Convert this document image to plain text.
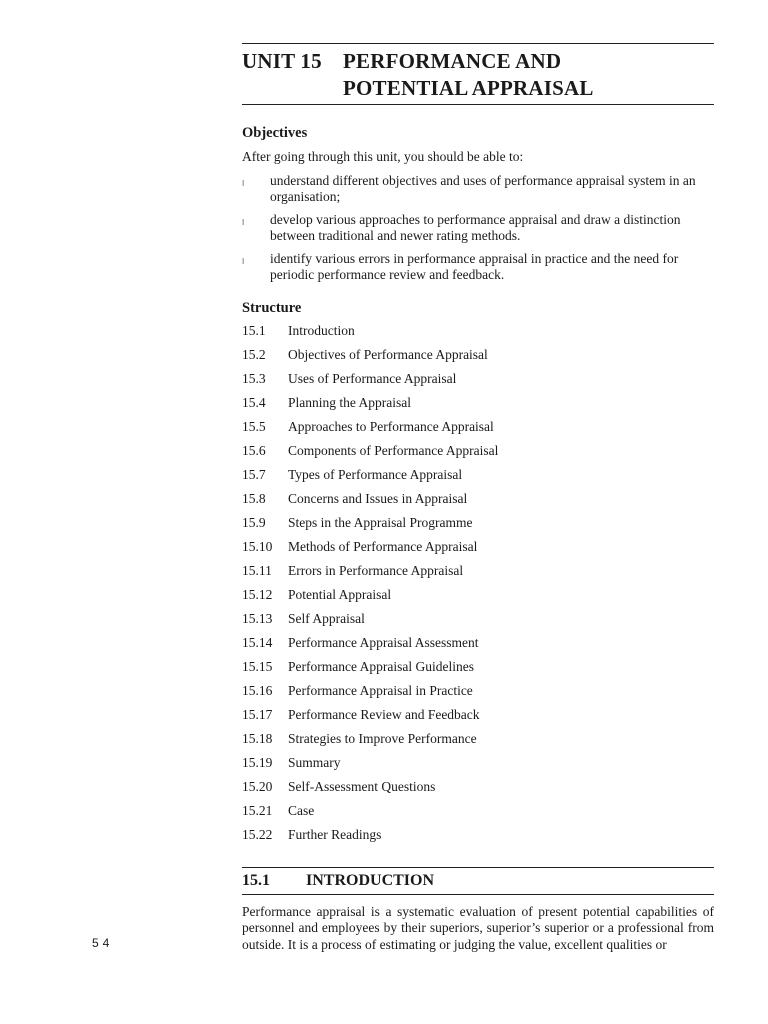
UNIT 15 PERFORMANCE AND
POTENTIAL APPRAISAL
Objectives
After going through this unit, you should be able to:
l understand different objectives and uses of performance appraisal system in an organisation;
l develop various approaches to performance appraisal and draw a distinction between traditional and newer rating methods.
l identify various errors in performance appraisal in practice and the need for periodic performance review and feedback.
Structure
15.1	Introduction
15.2	Objectives of Performance Appraisal
15.3	Uses of Performance Appraisal
15.4	Planning the Appraisal
15.5	Approaches to Performance Appraisal
15.6	Components of Performance Appraisal
15.7	Types of Performance Appraisal
15.8	Concerns and Issues in Appraisal
15.9	Steps in the Appraisal Programme
15.10	Methods of Performance Appraisal
15.11	Errors in Performance Appraisal
15.12	Potential Appraisal
15.13	Self Appraisal
15.14	Performance Appraisal Assessment
15.15	Performance Appraisal Guidelines
15.16	Performance Appraisal in Practice
15.17	Performance Review and Feedback
15.18	Strategies to Improve Performance
15.19	Summary
15.20	Self-Assessment Questions
15.21	Case
15.22	Further Readings
15.1 INTRODUCTION
Performance appraisal is a systematic evaluation of present potential capabilities of personnel and employees by their superiors, superior’s superior or a professional from outside. It is a process of estimating or judging the value, excellent qualities or
54
